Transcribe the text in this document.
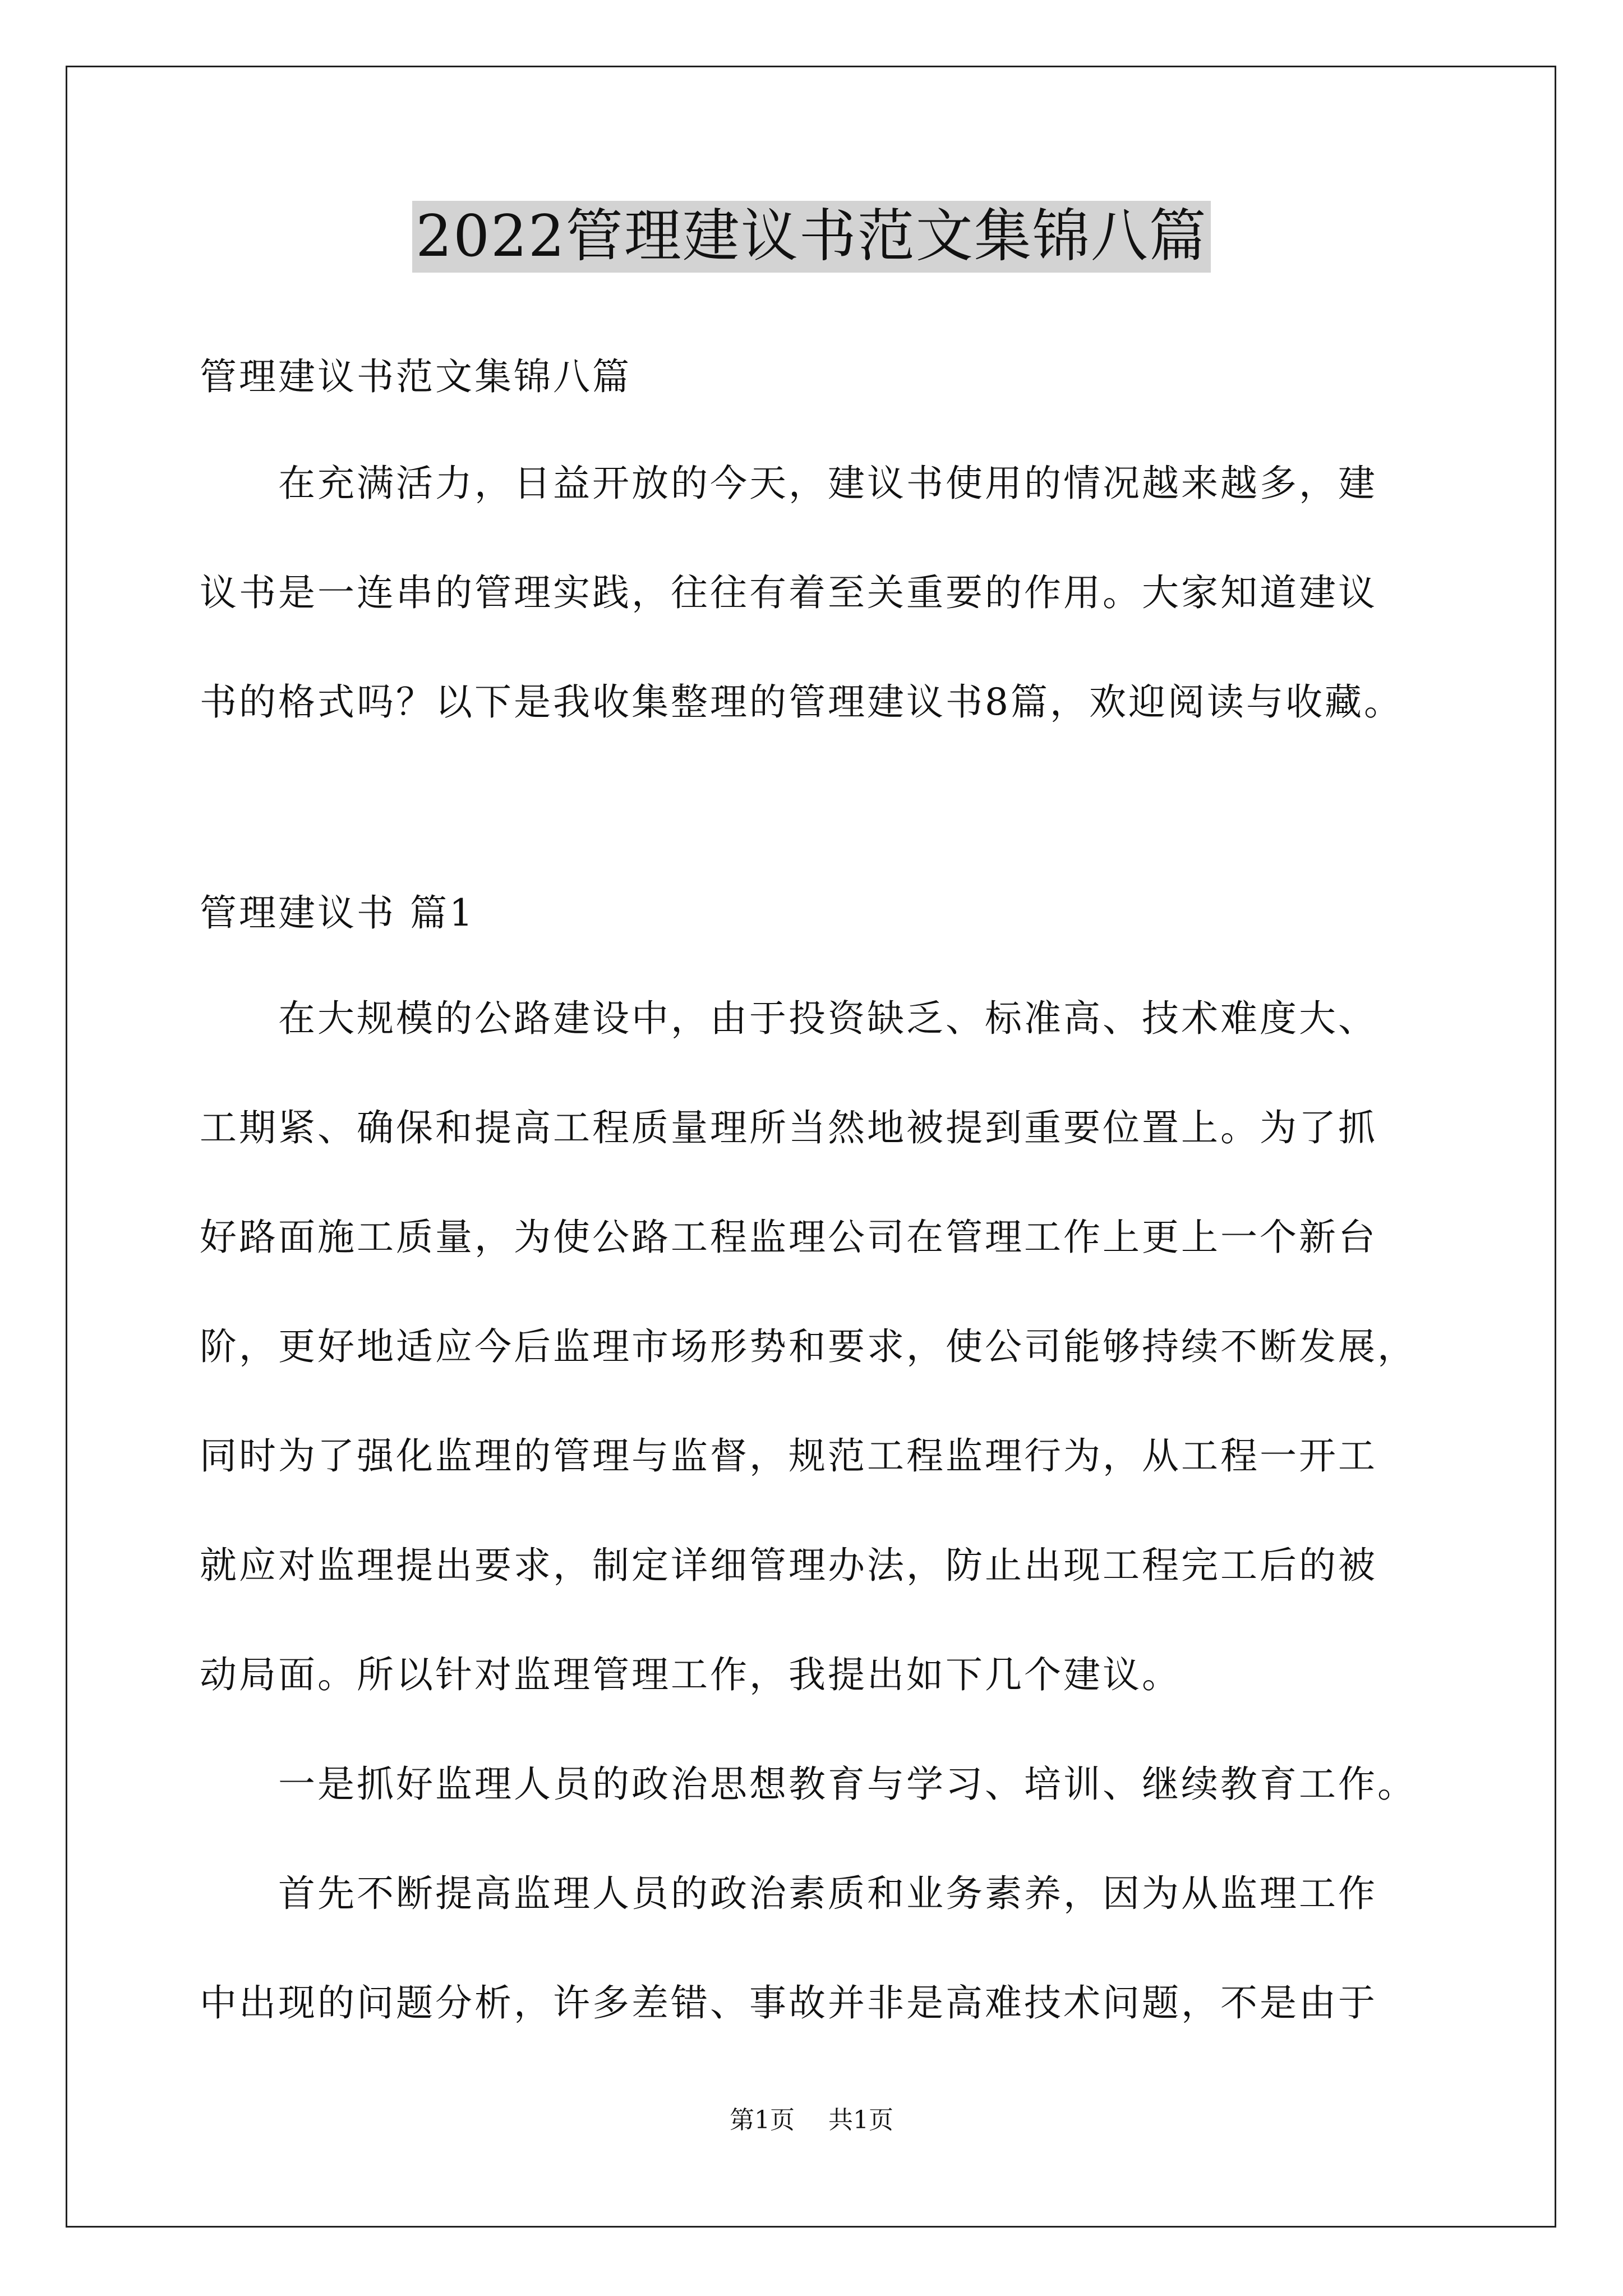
2022管理建议书范文集锦八篇
管理建议书范文集锦八篇
　　在充满活力，日益开放的今天，建议书使用的情况越来越多，建
议书是一连串的管理实践，往往有着至关重要的作用。大家知道建议
书的格式吗？以下是我收集整理的管理建议书8篇，欢迎阅读与收藏。
管理建议书 篇1
　　在大规模的公路建设中，由于投资缺乏、标准高、技术难度大、
工期紧、确保和提高工程质量理所当然地被提到重要位置上。为了抓
好路面施工质量，为使公路工程监理公司在管理工作上更上一个新台
阶，更好地适应今后监理市场形势和要求，使公司能够持续不断发展，
同时为了强化监理的管理与监督，规范工程监理行为，从工程一开工
就应对监理提出要求，制定详细管理办法，防止出现工程完工后的被
动局面。所以针对监理管理工作，我提出如下几个建议。
　　一是抓好监理人员的政治思想教育与学习、培训、继续教育工作。
　　首先不断提高监理人员的政治素质和业务素养，因为从监理工作
中出现的问题分析，许多差错、事故并非是高难技术问题，不是由于
第1页 共1页
